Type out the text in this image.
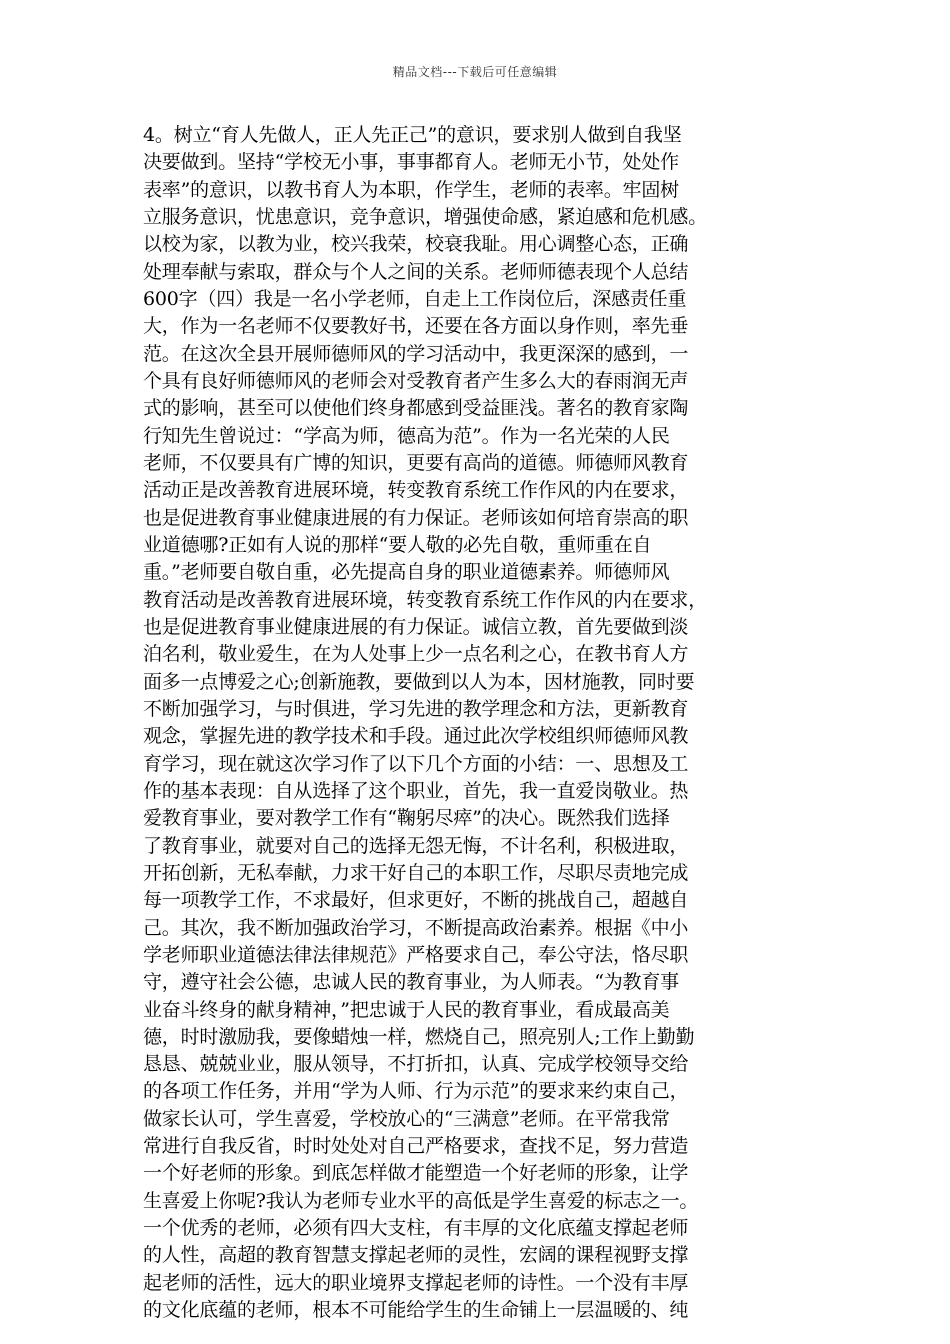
精品文档---下载后可任意编辑
4。树立“育人先做人，正人先正己”的意识，要求别人做到自我坚
决要做到。坚持“学校无小事，事事都育人。老师无小节，处处作
表率”的意识，以教书育人为本职，作学生，老师的表率。牢固树
立服务意识，忧患意识，竞争意识，增强使命感，紧迫感和危机感。
以校为家，以教为业，校兴我荣，校衰我耻。用心调整心态，正确
处理奉献与索取，群众与个人之间的关系。老师师德表现个人总结
600字（四）我是一名小学老师，自走上工作岗位后，深感责任重
大，作为一名老师不仅要教好书，还要在各方面以身作则，率先垂
范。在这次全县开展师德师风的学习活动中，我更深深的感到，一
个具有良好师德师风的老师会对受教育者产生多么大的春雨润无声
式的影响，甚至可以使他们终身都感到受益匪浅。著名的教育家陶
行知先生曾说过：“学高为师，德高为范”。作为一名光荣的人民
老师，不仅要具有广博的知识，更要有高尚的道德。师德师风教育
活动正是改善教育进展环境，转变教育系统工作作风的内在要求，
也是促进教育事业健康进展的有力保证。老师该如何培育崇高的职
业道德哪?正如有人说的那样“要人敬的必先自敬，重师重在自
重。”老师要自敬自重，必先提高自身的职业道德素养。师德师风
教育活动是改善教育进展环境，转变教育系统工作作风的内在要求，
也是促进教育事业健康进展的有力保证。诚信立教，首先要做到淡
泊名利，敬业爱生，在为人处事上少一点名利之心，在教书育人方
面多一点博爱之心;创新施教，要做到以人为本，因材施教，同时要
不断加强学习，与时俱进，学习先进的教学理念和方法，更新教育
观念，掌握先进的教学技术和手段。通过此次学校组织师德师风教
育学习，现在就这次学习作了以下几个方面的小结：一、思想及工
作的基本表现：自从选择了这个职业，首先，我一直爱岗敬业。热
爱教育事业，要对教学工作有“鞠躬尽瘁”的决心。既然我们选择
了教育事业，就要对自己的选择无怨无悔，不计名利，积极进取，
开拓创新，无私奉献，力求干好自己的本职工作，尽职尽责地完成
每一项教学工作，不求最好，但求更好，不断的挑战自己，超越自
己。其次，我不断加强政治学习，不断提高政治素养。根据《中小
学老师职业道德法律法律规范》严格要求自己，奉公守法，恪尽职
守，遵守社会公德，忠诚人民的教育事业，为人师表。“为教育事
业奋斗终身的献身精神，”把忠诚于人民的教育事业，看成最高美
德，时时激励我，要像蜡烛一样，燃烧自己，照亮别人;工作上勤勤
恳恳、兢兢业业，服从领导，不打折扣，认真、完成学校领导交给
的各项工作任务，并用“学为人师、行为示范”的要求来约束自己，
做家长认可，学生喜爱，学校放心的“三满意”老师。在平常我常
常进行自我反省，时时处处对自己严格要求，查找不足，努力营造
一个好老师的形象。到底怎样做才能塑造一个好老师的形象，让学
生喜爱上你呢?我认为老师专业水平的高低是学生喜爱的标志之一。
一个优秀的老师，必须有四大支柱，有丰厚的文化底蕴支撑起老师
的人性，高超的教育智慧支撑起老师的灵性，宏阔的课程视野支撑
起老师的活性，远大的职业境界支撑起老师的诗性。一个没有丰厚
的文化底蕴的老师，根本不可能给学生的生命铺上一层温暖的、纯
